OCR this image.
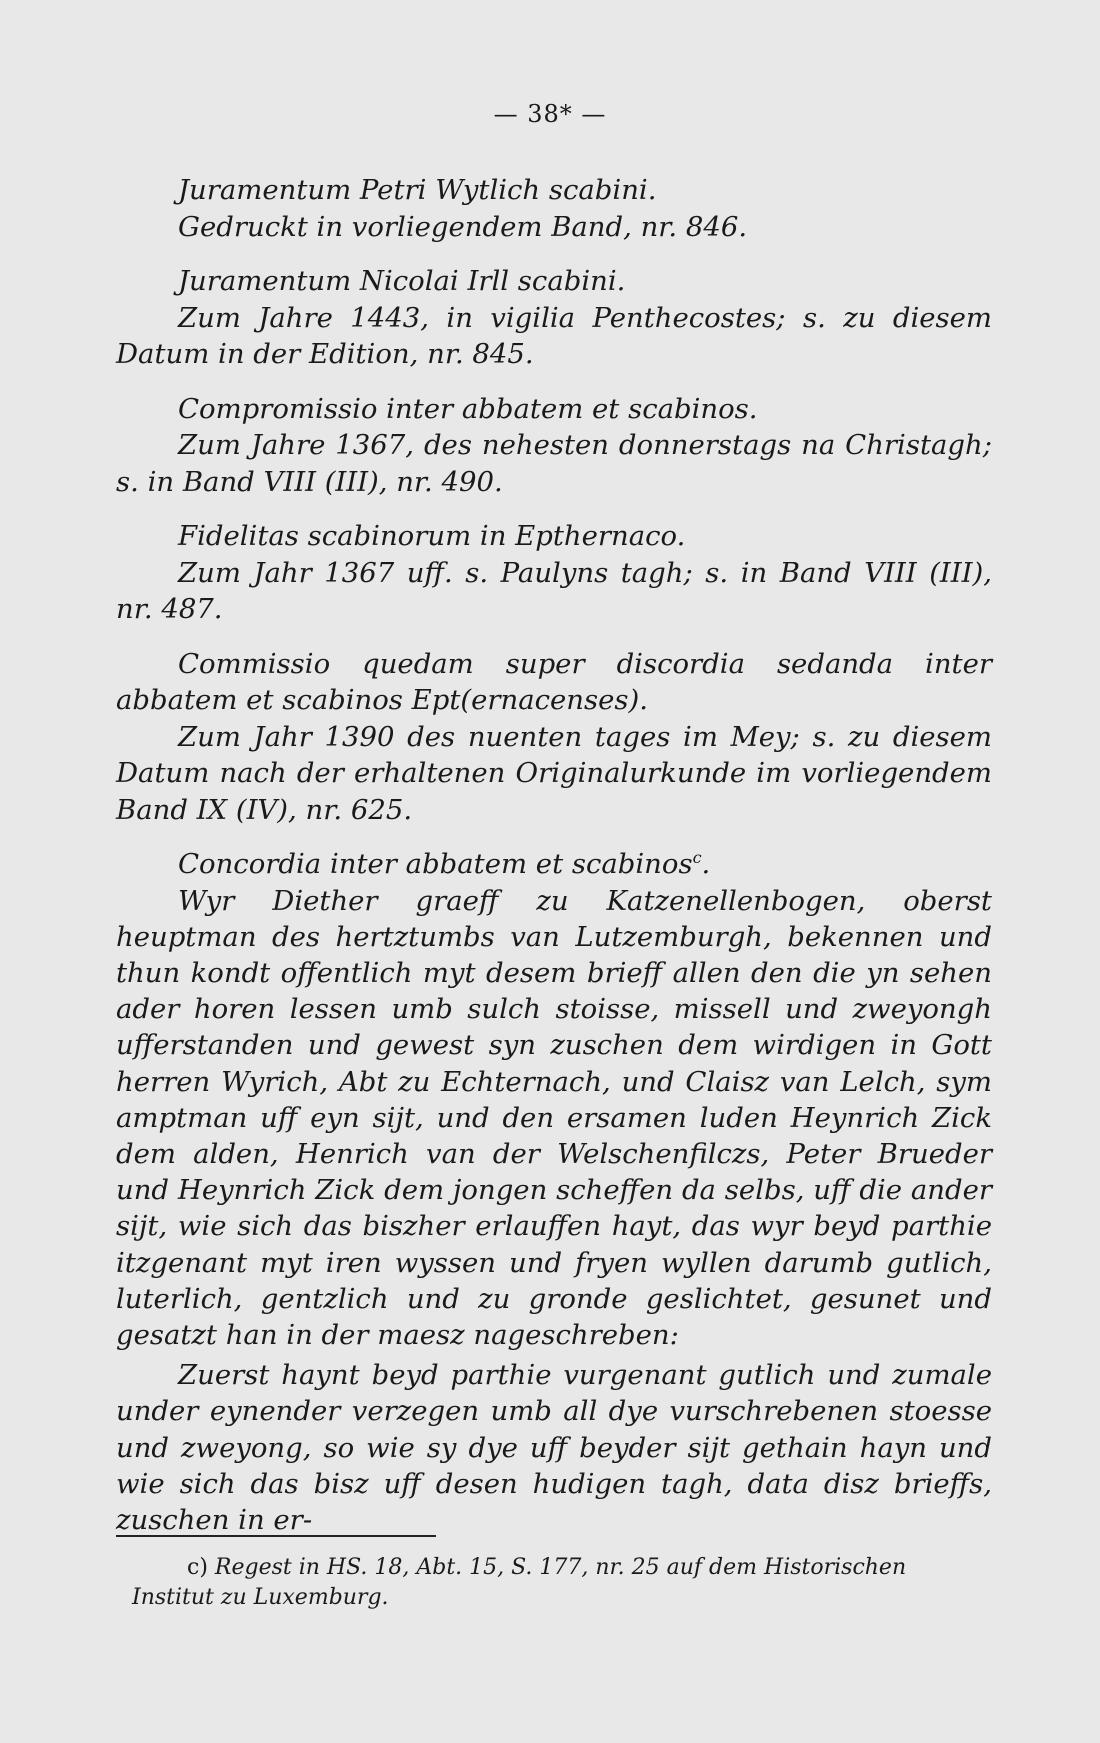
— 38* —

Juramentum Petri Wytlich scabini.

Gedruckt in vorliegendem Band, nr. 846.

Juramentum Nicolai Irll scabini.

Zum Jahre 1443, in vigilia Penthecostes; s. zu diesem Datum in der Edition, nr. 845.

Compromissio inter abbatem et scabinos.

Zum Jahre 1367, des nehesten donnerstags na Christagh; s. in Band VIII (III), nr. 490.

Fidelitas scabinorum in Epthernaco.

Zum Jahr 1367 uff. s. Paulyns tagh; s. in Band VIII (III), nr. 487.

Commissio quedam super discordia sedanda inter abbatem et scabinos Ept(ernacenses).

Zum Jahr 1390 des nuenten tages im Mey; s. zu diesem Datum nach der erhaltenen Originalurkunde im vorliegendem Band IX (IV), nr. 625.

Concordia inter abbatem et scabinos$^c$.

Wyr Diether graeff zu Katzenellenbogen, oberst heuptman des hertztumbs van Lutzemburgh, bekennen und thun kondt offentlich myt desem brieff allen den die yn sehen ader horen lessen umb sulch stoisse, missell und zweyongh ufferstanden und gewest syn zuschen dem wirdigen in Gott herren Wyrich, Abt zu Echternach, und Claisz van Lelch, sym amptman uff eyn sijt, und den ersamen luden Heynrich Zick dem alden, Henrich van der Welschenfilczs, Peter Brueder und Heynrich Zick dem jongen scheffen da selbs, uff die ander sijt, wie sich das biszher erlauffen hayt, das wyr beyd parthie itzgenant myt iren wyssen und fryen wyllen darumb gutlich, luterlich, gentzlich und zu gronde geslichtet, gesunet und gesatzt han in der maesz nageschreben:

Zuerst haynt beyd parthie vurgenant gutlich und zumale under eynender verzegen umb all dye vurschrebenen stoesse und zweyong, so wie sy dye uff beyder sijt gethain hayn und wie sich das bisz uff desen hudigen tagh, data disz brieffs, zuschen in er-

c) Regest in HS. 18, Abt. 15, S. 177, nr. 25 auf dem Historischen Institut zu Luxemburg.
